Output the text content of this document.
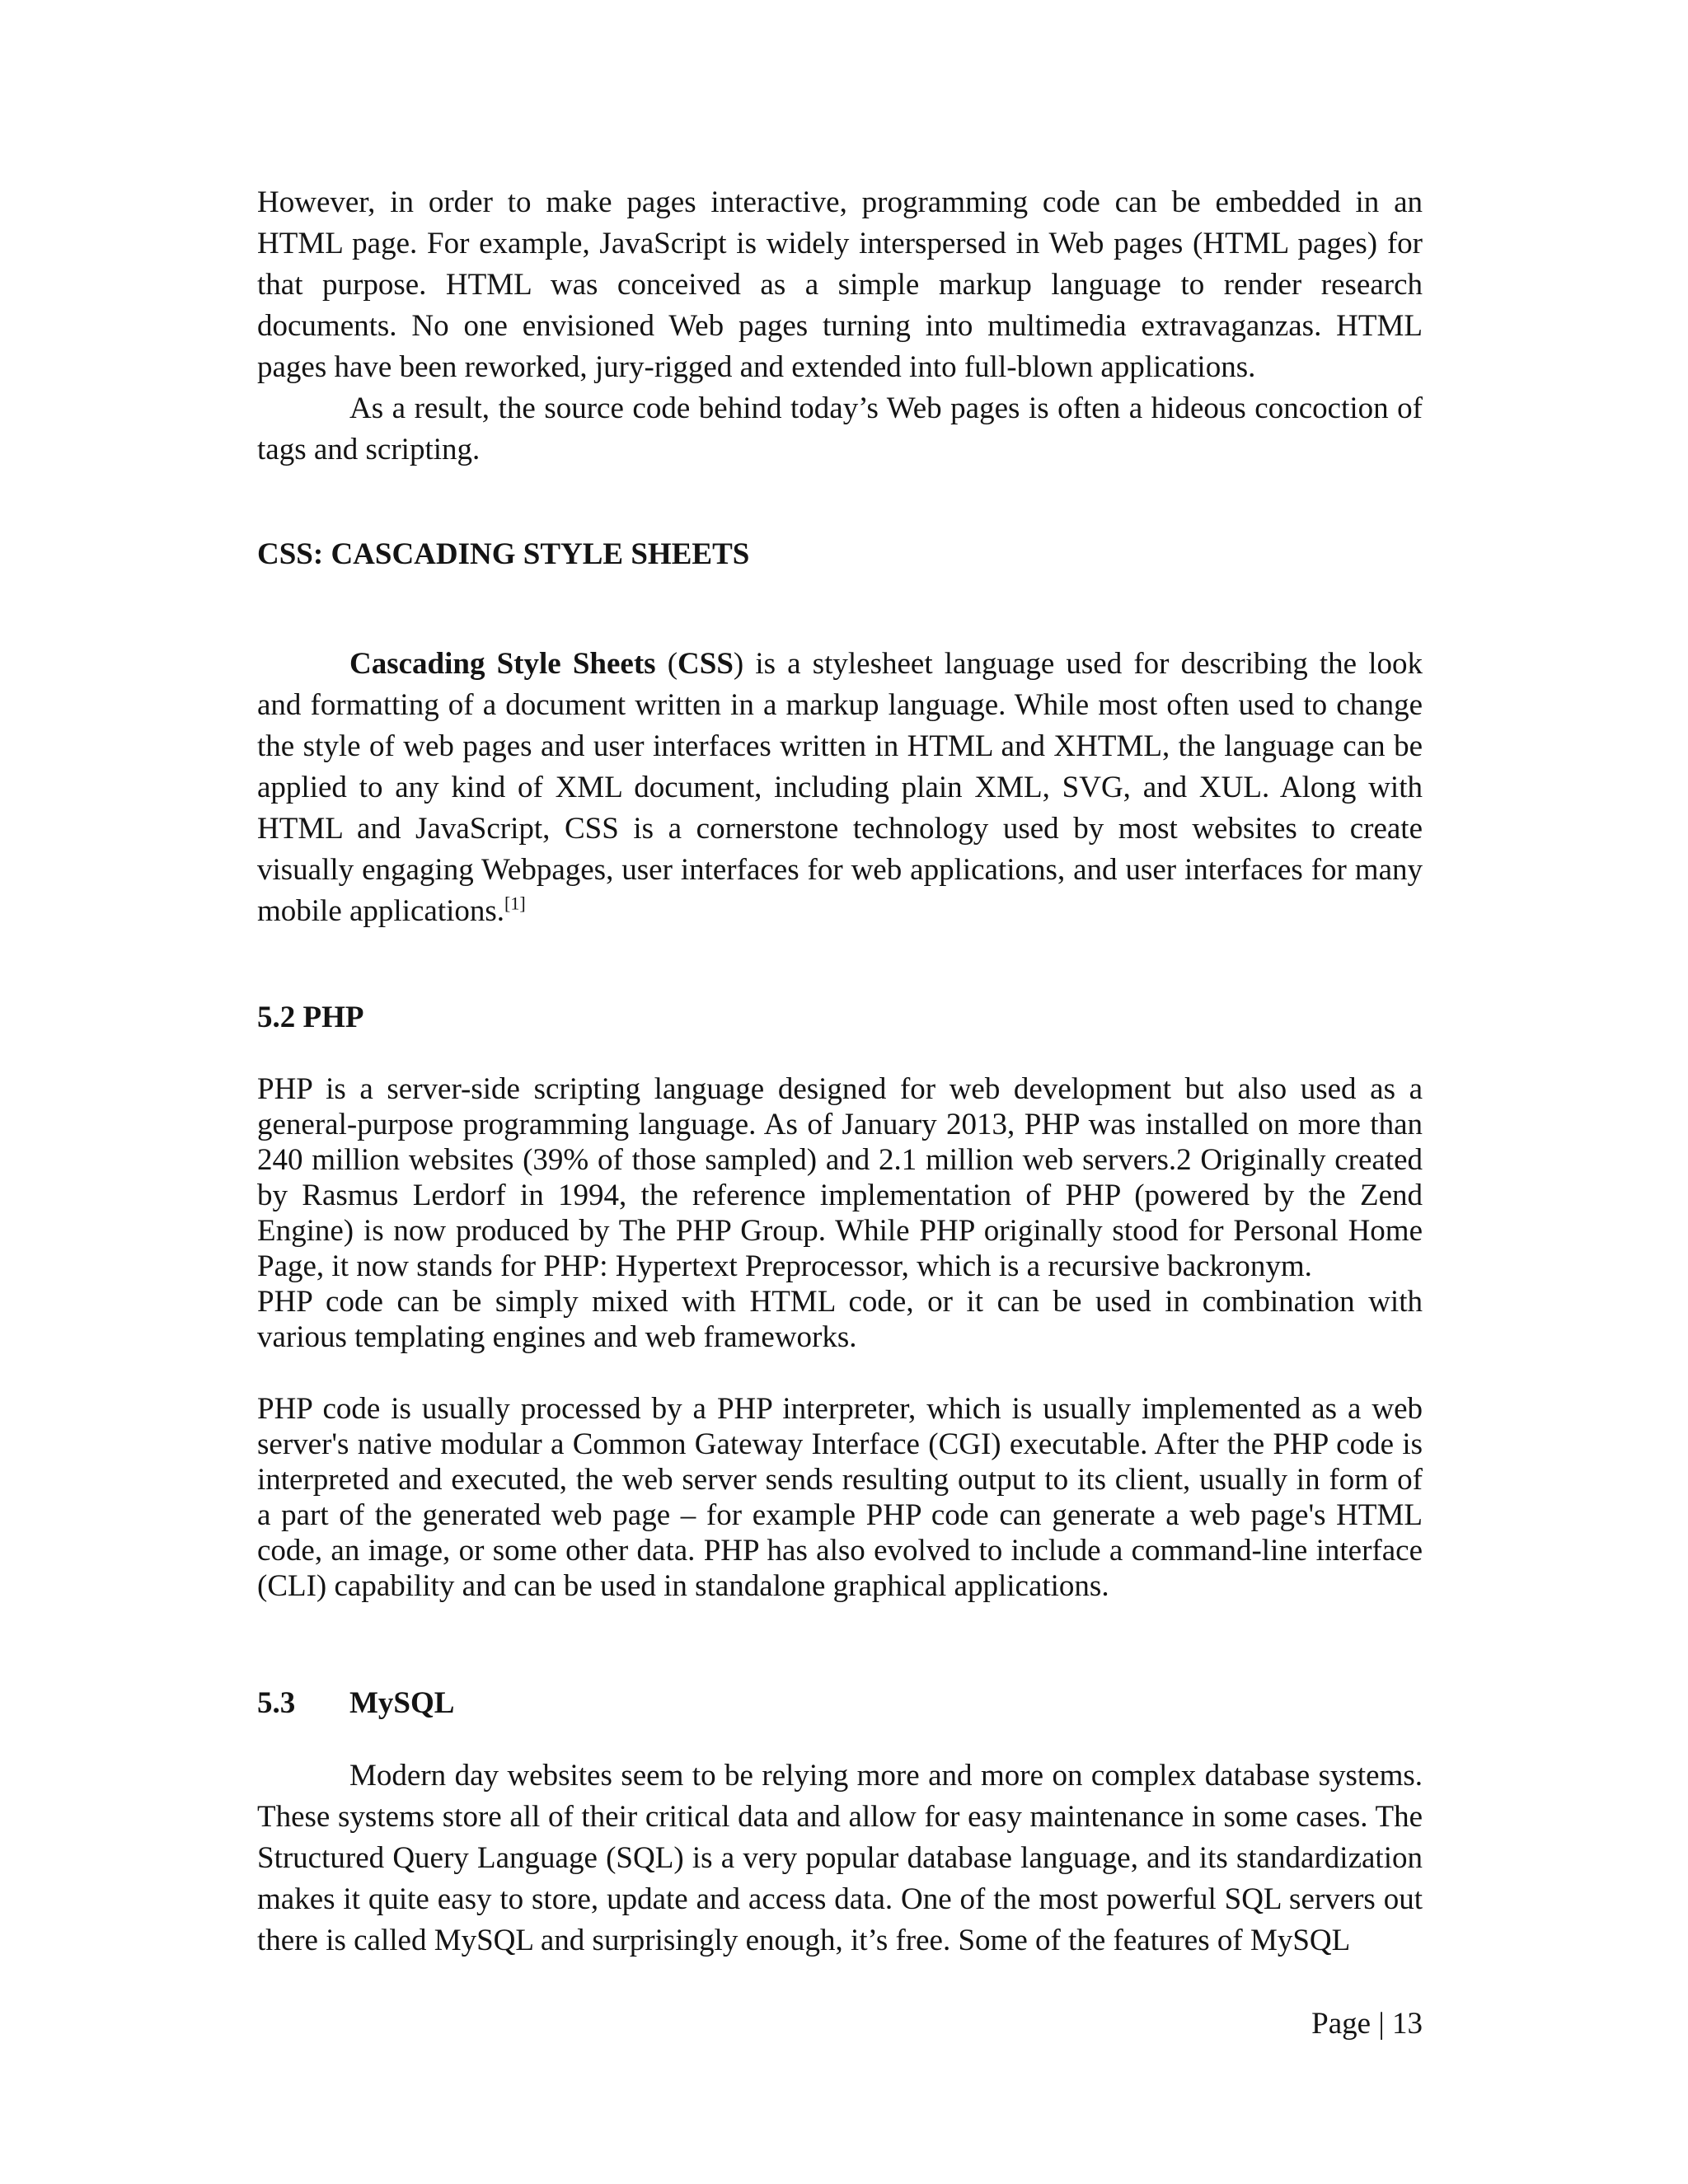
However, in order to make pages interactive, programming code can be embedded in an HTML page. For example, JavaScript is widely interspersed in Web pages (HTML pages) for that purpose. HTML was conceived as a simple markup language to render research documents. No one envisioned Web pages turning into multimedia extravaganzas. HTML pages have been reworked, jury-rigged and extended into full-blown applications.

As a result, the source code behind today’s Web pages is often a hideous concoction of tags and scripting.

CSS: CASCADING STYLE SHEETS

Cascading Style Sheets (CSS) is a stylesheet language used for describing the look and formatting of a document written in a markup language. While most often used to change the style of web pages and user interfaces written in HTML and XHTML, the language can be applied to any kind of XML document, including plain XML, SVG, and XUL. Along with HTML and JavaScript, CSS is a cornerstone technology used by most websites to create visually engaging Webpages, user interfaces for web applications, and user interfaces for many mobile applications.[1]

5.2 PHP

PHP is a server-side scripting language designed for web development but also used as a general-purpose programming language. As of January 2013, PHP was installed on more than 240 million websites (39% of those sampled) and 2.1 million web servers.2 Originally created by Rasmus Lerdorf in 1994, the reference implementation of PHP (powered by the Zend Engine) is now produced by The PHP Group. While PHP originally stood for Personal Home Page, it now stands for PHP: Hypertext Preprocessor, which is a recursive backronym.

PHP code can be simply mixed with HTML code, or it can be used in combination with various templating engines and web frameworks.

PHP code is usually processed by a PHP interpreter, which is usually implemented as a web server's native modular a Common Gateway Interface (CGI) executable. After the PHP code is interpreted and executed, the web server sends resulting output to its client, usually in form of a part of the generated web page – for example PHP code can generate a web page's HTML code, an image, or some other data. PHP has also evolved to include a command-line interface (CLI) capability and can be used in standalone graphical applications.

5.3 MySQL

Modern day websites seem to be relying more and more on complex database systems. These systems store all of their critical data and allow for easy maintenance in some cases. The Structured Query Language (SQL) is a very popular database language, and its standardization makes it quite easy to store, update and access data. One of the most powerful SQL servers out there is called MySQL and surprisingly enough, it’s free. Some of the features of MySQL

Page | 13
